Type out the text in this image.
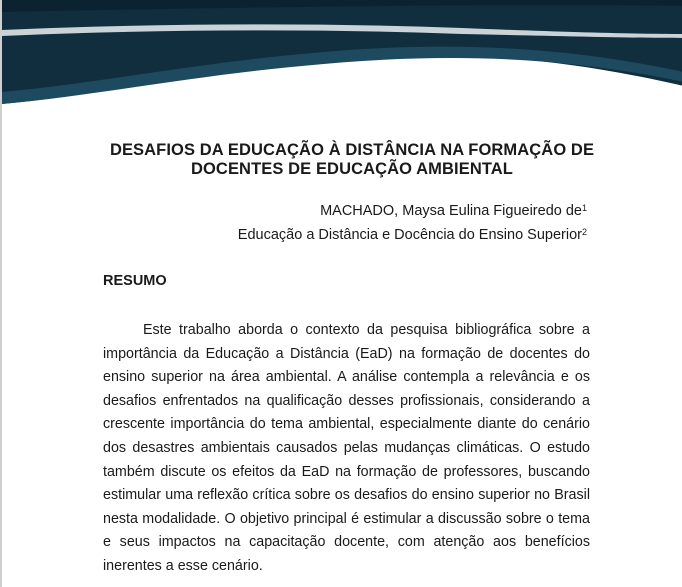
DESAFIOS DA EDUCAÇÃO À DISTÂNCIA NA FORMAÇÃO DE
DOCENTES DE EDUCAÇÃO AMBIENTAL
MACHADO, Maysa Eulina Figueiredo $de^1$
Educação a Distância e Docência do Ensino Superior$^2$
RESUMO

Este trabalho aborda o contexto da pesquisa bibliográfica sobre a importância da Educação a Distância (EaD) na formação de docentes do ensino superior na área ambiental. A análise contempla a relevância e os desafios enfrentados na qualificação desses profissionais, considerando a crescente importância do tema ambiental, especialmente diante do cenário dos desastres ambientais causados pelas mudanças climáticas. O estudo também discute os efeitos da EaD na formação de professores, buscando estimular uma reflexão crítica sobre os desafios do ensino superior no Brasil nesta modalidade. O objetivo principal é estimular a discussão sobre o tema e seus impactos na capacitação docente, com atenção aos benefícios inerentes a esse cenário.
